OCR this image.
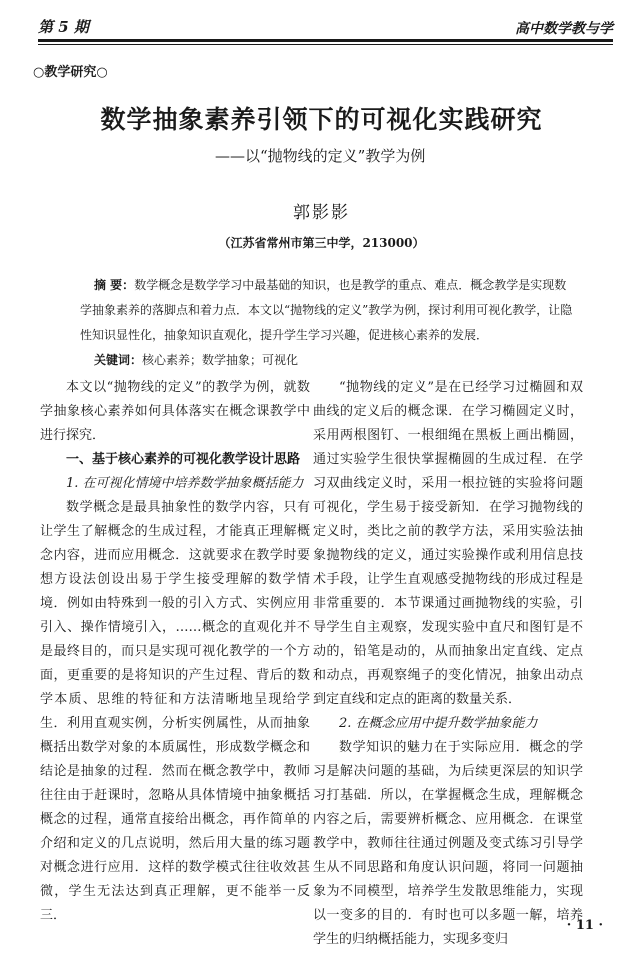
第 5 期	高中数学教与学
○教学研究○
数学抽象素养引领下的可视化实践研究
——以“抛物线的定义”教学为例
郭影影
（江苏省常州市第三中学，213000）

摘 要：数学概念是数学学习中最基础的知识，也是教学的重点、难点．概念教学是实现数学抽象素养的落脚点和着力点．本文以“抛物线的定义”教学为例，探讨利用可视化教学，让隐性知识显性化，抽象知识直观化，提升学生学习兴趣，促进核心素养的发展．

关键词：核心素养；数学抽象；可视化

本文以“抛物线的定义”的教学为例，就数学抽象核心素养如何具体落实在概念课教学中进行探究．

一、基于核心素养的可视化教学设计思路

1. 在可视化情境中培养数学抽象概括能力

数学概念是最具抽象性的数学内容，只有让学生了解概念的生成过程，才能真正理解概念内容，进而应用概念．这就要求在教学时要想方设法创设出易于学生接受理解的数学情境．例如由特殊到一般的引入方式、实例应用引入、操作情境引入，……概念的直观化并不是最终目的，而只是实现可视化教学的一个方面，更重要的是将知识的产生过程、背后的数学本质、思维的特征和方法清晰地呈现给学生．利用直观实例，分析实例属性，从而抽象概括出数学对象的本质属性，形成数学概念和结论是抽象的过程．然而在概念教学中，教师往往由于赶课时，忽略从具体情境中抽象概括概念的过程，通常直接给出概念，再作简单的介绍和定义的几点说明，然后用大量的练习题对概念进行应用．这样的数学模式往往收效甚微，学生无法达到真正理解，更不能举一反三．

“抛物线的定义”是在已经学习过椭圆和双曲线的定义后的概念课．在学习椭圆定义时，采用两根图钉、一根细绳在黑板上画出椭圆，通过实验学生很快掌握椭圆的生成过程．在学习双曲线定义时，采用一根拉链的实验将问题可视化，学生易于接受新知．在学习抛物线的定义时，类比之前的教学方法，采用实验法抽象抛物线的定义，通过实验操作或利用信息技术手段，让学生直观感受抛物线的形成过程是非常重要的．本节课通过画抛物线的实验，引导学生自主观察，发现实验中直尺和图钉是不动的，铅笔是动的，从而抽象出定直线、定点和动点，再观察绳子的变化情况，抽象出动点到定直线和定点的距离的数量关系．

2. 在概念应用中提升数学抽象能力

数学知识的魅力在于实际应用．概念的学习是解决问题的基础，为后续更深层的知识学习打基础．所以，在掌握概念生成，理解概念内容之后，需要辨析概念、应用概念．在课堂教学中，教师往往通过例题及变式练习引导学生从不同思路和角度认识问题，将同一问题抽象为不同模型，培养学生发散思维能力，实现以一变多的目的．有时也可以多题一解，培养学生的归纳概括能力，实现多变归

· 11 ·
